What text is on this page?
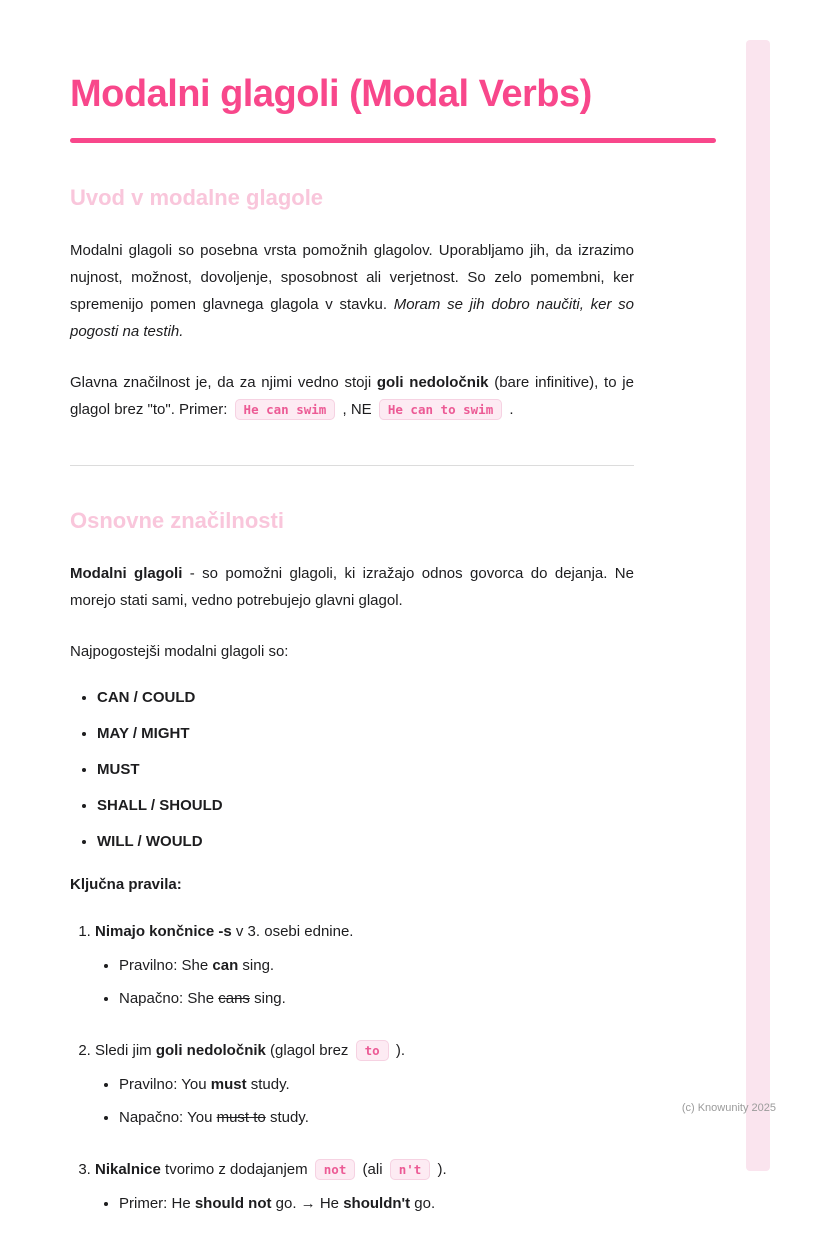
Modalni glagoli (Modal Verbs)
Uvod v modalne glagole

Modalni glagoli so posebna vrsta pomožnih glagolov. Uporabljamo jih, da izrazimo nujnost, možnost, dovoljenje, sposobnost ali verjetnost. So zelo pomembni, ker spremenijo pomen glavnega glagola v stavku. Moram se jih dobro naučiti, ker so pogosti na testih.

Glavna značilnost je, da za njimi vedno stoji goli nedoločnik (bare infinitive), to je glagol brez "to". Primer: He can swim , NE He can to swim .

Osnovne značilnosti

Modalni glagoli - so pomožni glagoli, ki izražajo odnos govorca do dejanja. Ne morejo stati sami, vedno potrebujejo glavni glagol.

Najpogostejši modalni glagoli so:

• CAN / COULD
• MAY / MIGHT
• MUST
• SHALL / SHOULD
• WILL / WOULD

Ključna pravila:

1. Nimajo končnice -s v 3. osebi ednine.
• Pravilno: She can sing.
• Napačno: She cans sing.
2. Sledi jim goli nedoločnik (glagol brez to ).
• Pravilno: You must study.
• Napačno: You must to study.
3. Nikalnice tvorimo z dodajanjem not (ali n't ).
• Primer: He should not go. → He shouldn't go.
(c) Knowunity 2025
